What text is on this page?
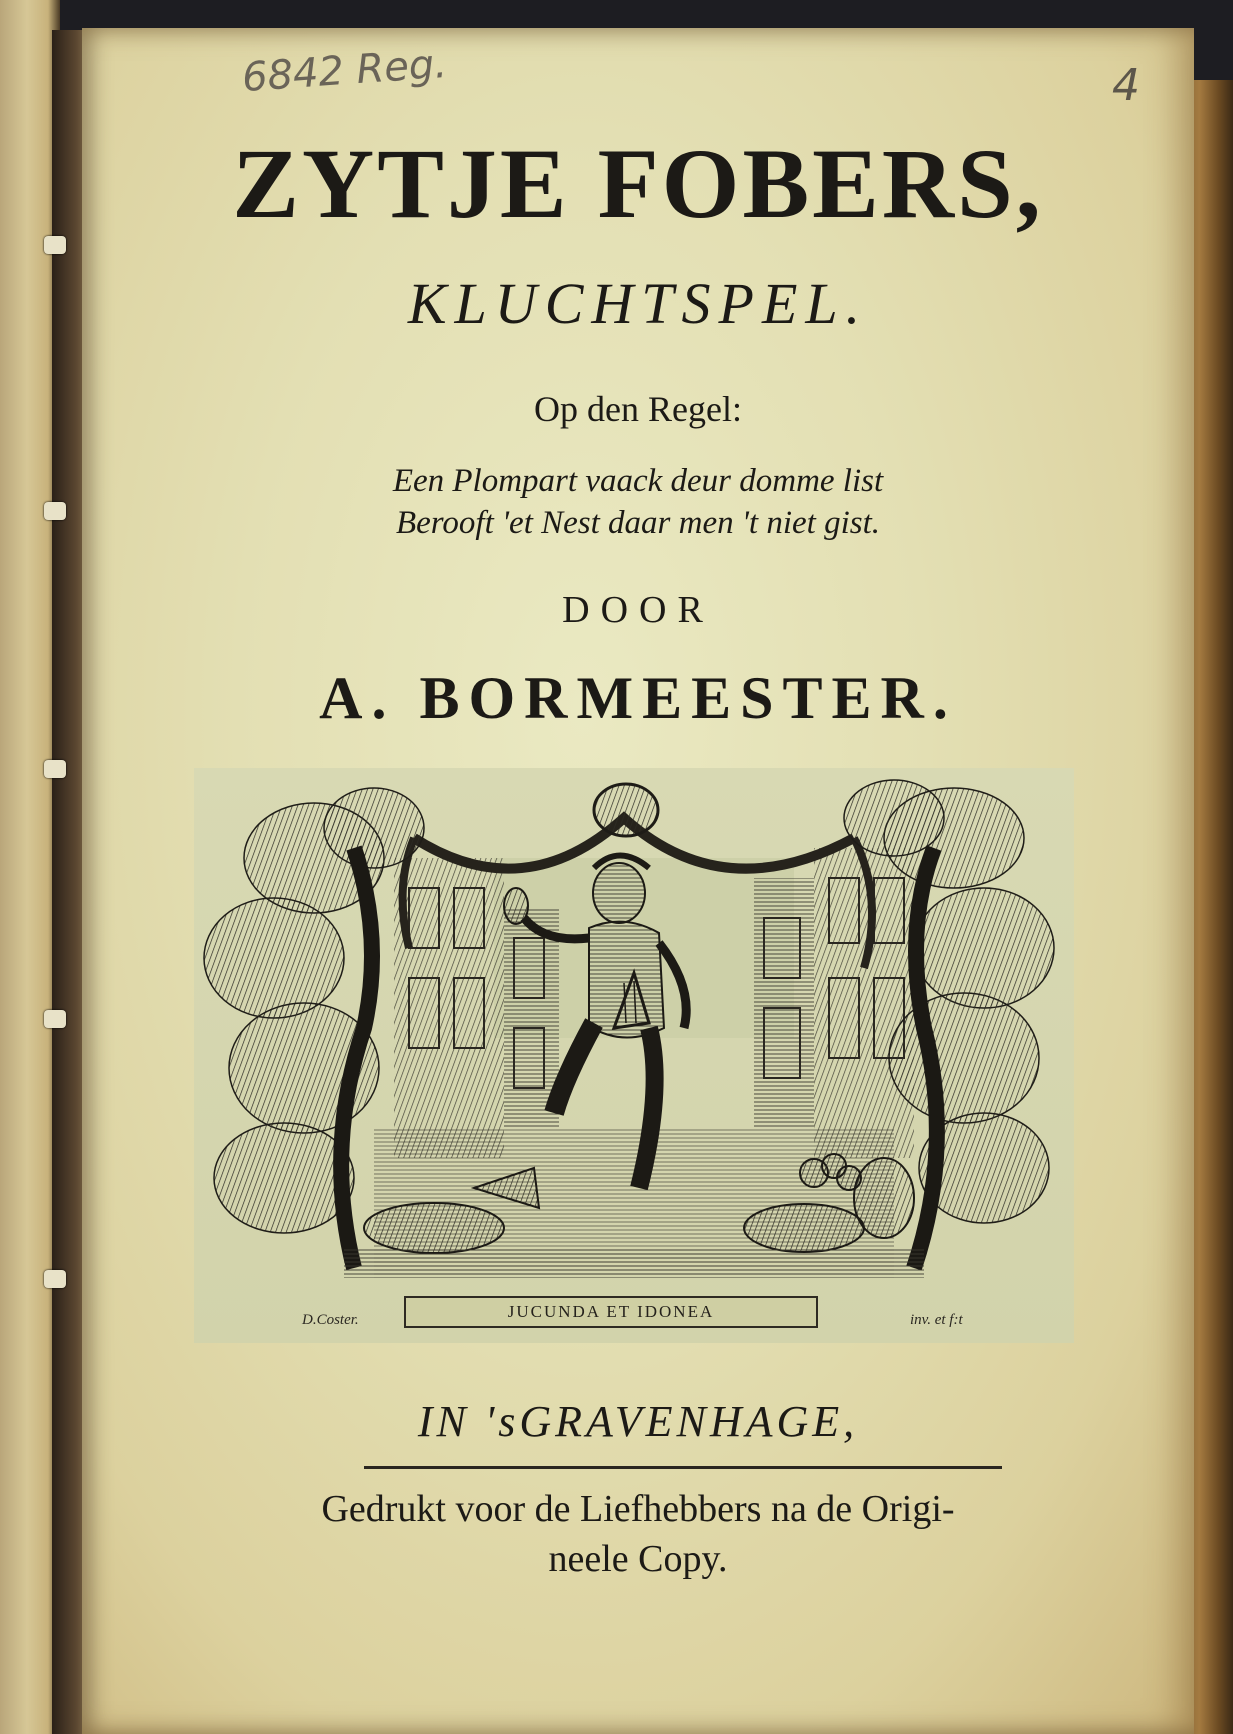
6842 Reg.	4
ZYTJE FOBERS,
KLUCHTSPEL.
Op den Regel:
Een Plompart vaack deur domme list
Berooft 'et Nest daar men 't niet gist.
DOOR
A. BORMEESTER.
JUCUNDA ET IDONEA
D.Coster.	inv. et f:t
IN 'sGRAVENHAGE,
Gedrukt voor de Liefhebbers na de Origi-
neele Copy.
